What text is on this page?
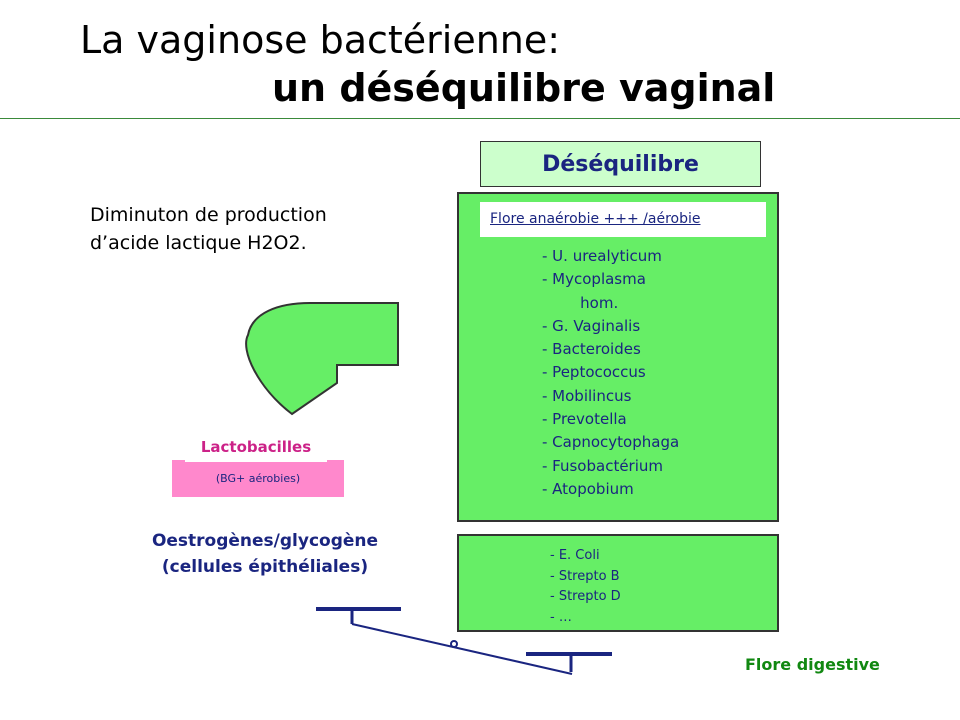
La vaginose bactérienne:
un déséquilibre vaginal
Déséquilibre
Diminuton de production
d’acide lactique H2O2.
Flore anaérobie +++ /aérobie
- U. urealyticum
- Mycoplasma
hom.
- G. Vaginalis
- Bacteroides
- Peptococcus
- Mobilincus
- Prevotella
- Capnocytophaga
- Fusobactérium
- Atopobium
- E. Coli
- Strepto B
- Strepto D
- …
Lactobacilles
(BG+ aérobies)
Oestrogènes/glycogène
(cellules épithéliales)
Flore digestive
